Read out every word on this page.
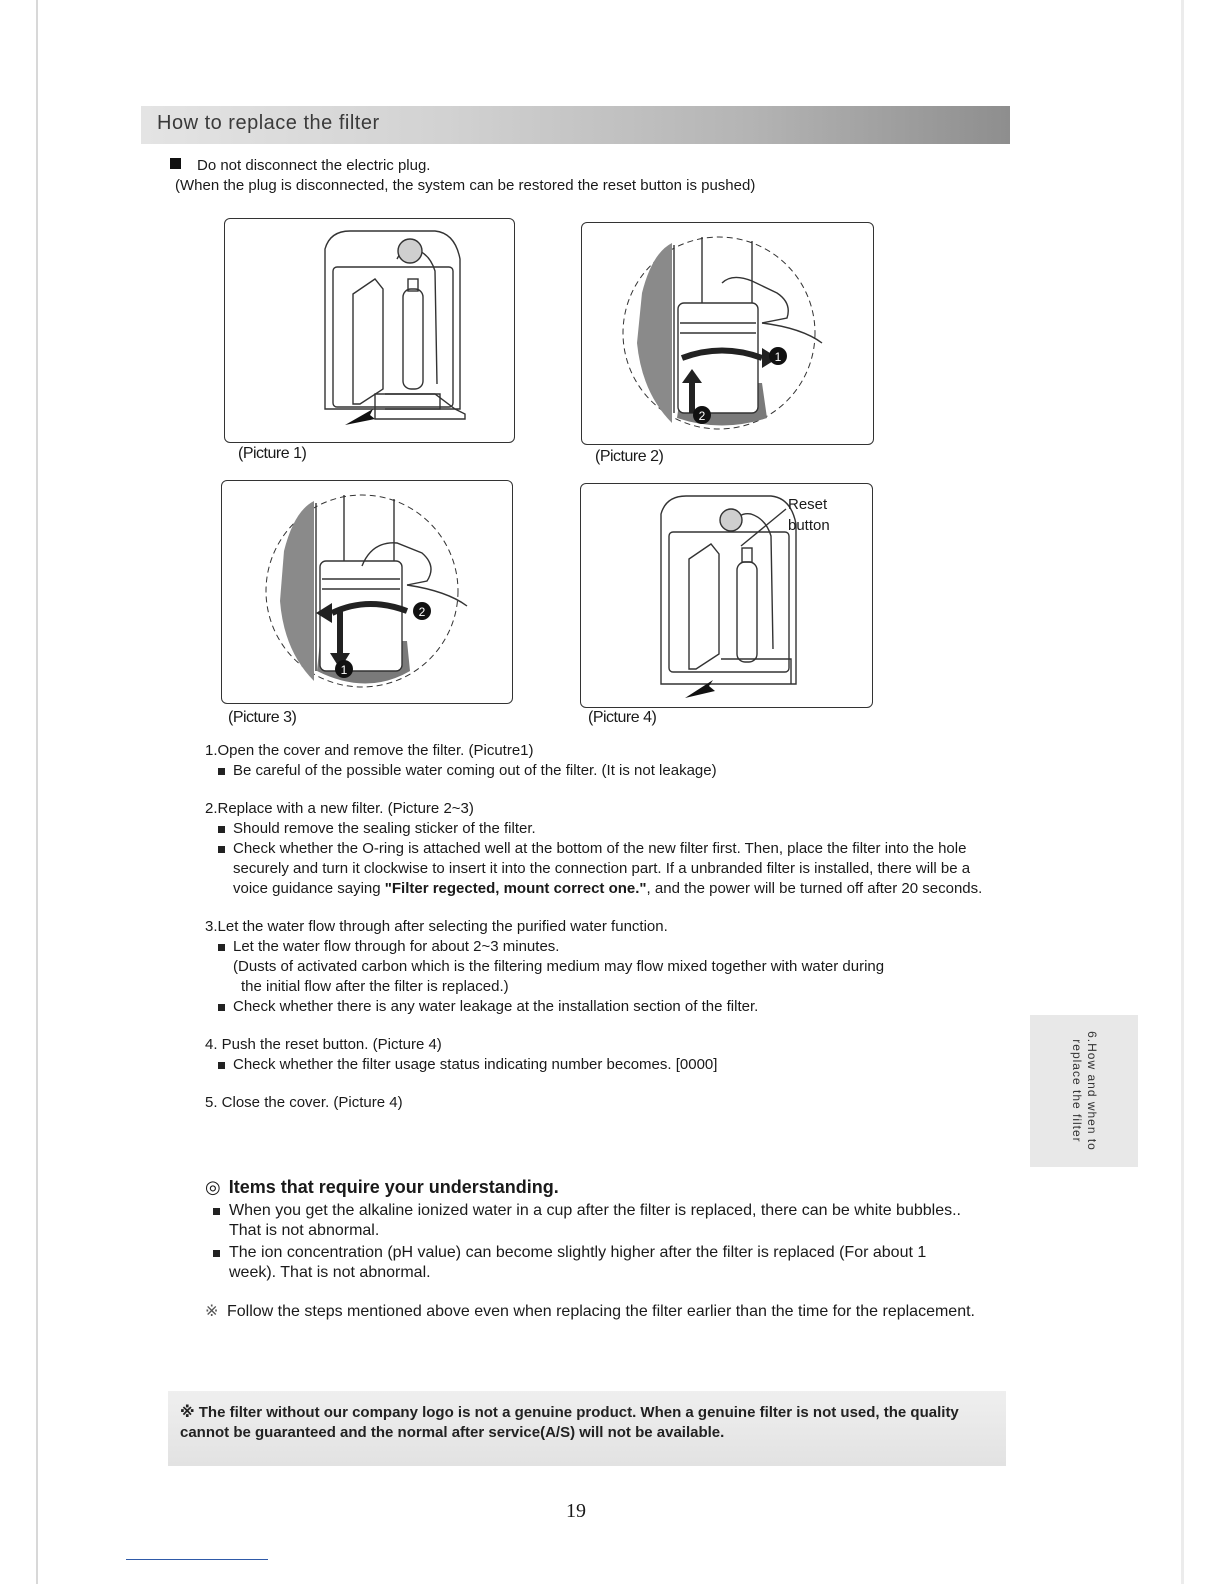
How to replace the filter
Do not disconnect the electric plug.
(When the plug is disconnected, the system can be restored the reset button is pushed)
(Picture 1)
1
2
(Picture 2)
2
1
(Picture 3)
Reset
button
(Picture 4)
1.Open the cover and remove the filter. (Picutre1)
Be careful of the possible water coming out of the filter. (It is not leakage)
2.Replace with a new filter. (Picture 2~3)
Should remove the sealing sticker of the filter.
Check whether the O-ring is attached well at the bottom of the new filter first. Then, place the filter into the hole securely and turn it clockwise to insert it into the connection part. If a unbranded filter is installed, there will be a voice guidance saying "Filter regected, mount correct one.", and the power will be turned off after 20 seconds.
3.Let the water flow through after selecting the purified water function.
Let the water flow through for about 2~3 minutes.
(Dusts of activated carbon which is the filtering medium may flow mixed together with water during
the initial flow after the filter is replaced.)
Check whether there is any water leakage at the installation section of the filter.
4. Push the reset button. (Picture 4)
Check whether the filter usage status indicating number becomes. [0000]
5. Close the cover. (Picture 4)
◎ Items that require your understanding.
When you get the alkaline ionized water in a cup after the filter is replaced, there can be white bubbles.. That is not abnormal.
The ion concentration (pH value) can become slightly higher after the filter is replaced (For about 1 week). That is not abnormal.
※ Follow the steps mentioned above even when replacing the filter earlier than the time for the replacement.
※ The filter without our company logo is not a genuine product. When a genuine filter is not used, the quality cannot be guaranteed and the normal after service(A/S) will not be available.
6.How and when to replace the filter
19
